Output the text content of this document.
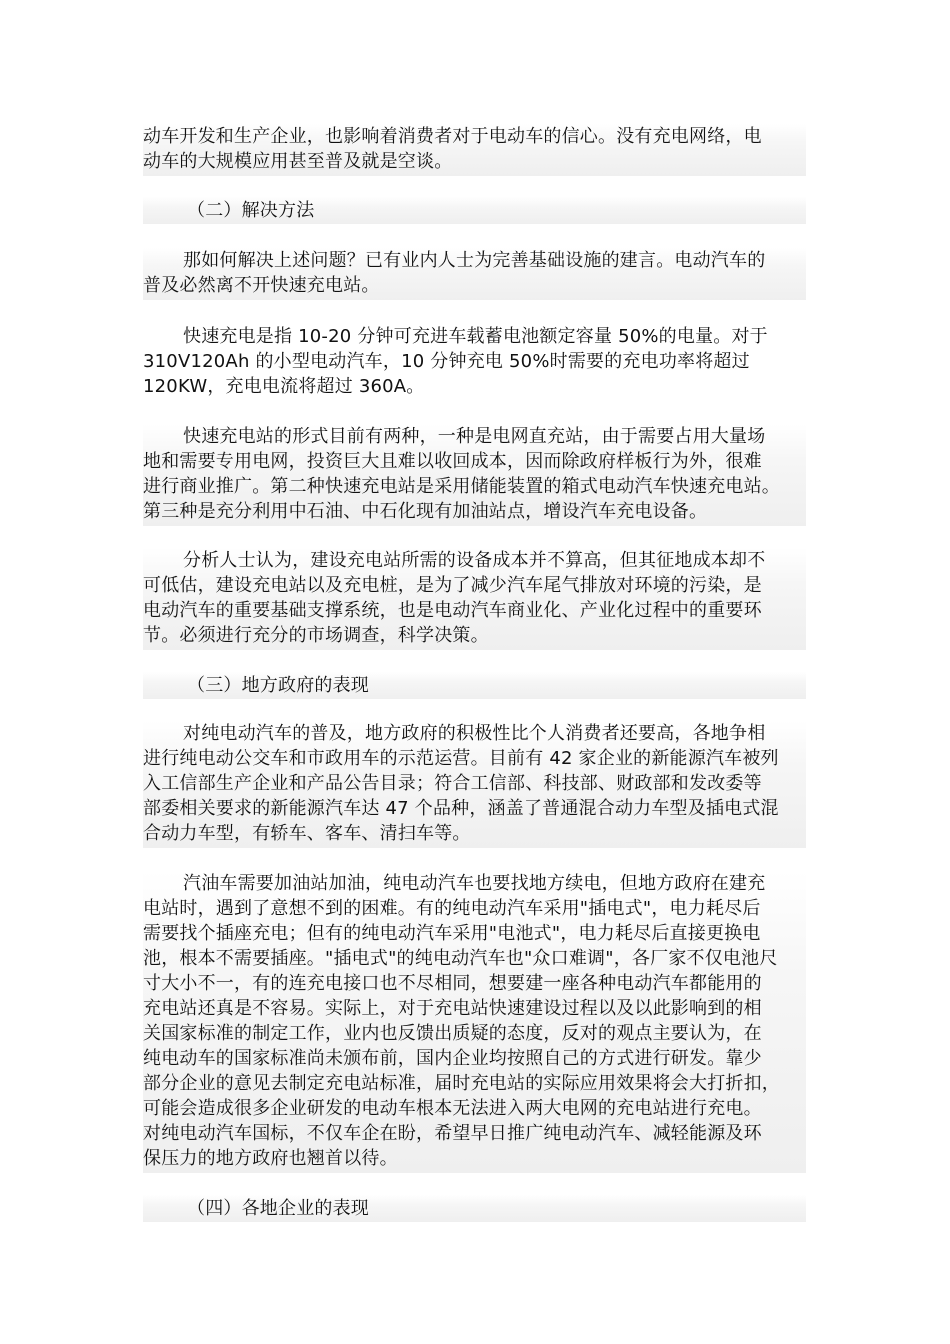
动车开发和生产企业，也影响着消费者对于电动车的信心。没有充电网络，电

动车的大规模应用甚至普及就是空谈。

（二）解决方法

那如何解决上述问题？已有业内人士为完善基础设施的建言。电动汽车的

普及必然离不开快速充电站。

快速充电是指 10-20 分钟可充进车载蓄电池额定容量 50%的电量。对于

310V120Ah 的小型电动汽车，10 分钟充电 50%时需要的充电功率将超过

120KW，充电电流将超过 360A。

快速充电站的形式目前有两种，一种是电网直充站，由于需要占用大量场

地和需要专用电网，投资巨大且难以收回成本，因而除政府样板行为外，很难

进行商业推广。第二种快速充电站是采用储能装置的箱式电动汽车快速充电站。

第三种是充分利用中石油、中石化现有加油站点，增设汽车充电设备。

分析人士认为，建设充电站所需的设备成本并不算高，但其征地成本却不

可低估，建设充电站以及充电桩，是为了减少汽车尾气排放对环境的污染，是

电动汽车的重要基础支撑系统，也是电动汽车商业化、产业化过程中的重要环

节。必须进行充分的市场调查，科学决策。

（三）地方政府的表现

对纯电动汽车的普及，地方政府的积极性比个人消费者还要高，各地争相

进行纯电动公交车和市政用车的示范运营。目前有 42 家企业的新能源汽车被列

入工信部生产企业和产品公告目录；符合工信部、科技部、财政部和发改委等

部委相关要求的新能源汽车达 47 个品种，涵盖了普通混合动力车型及插电式混

合动力车型，有轿车、客车、清扫车等。

汽油车需要加油站加油，纯电动汽车也要找地方续电，但地方政府在建充

电站时，遇到了意想不到的困难。有的纯电动汽车采用"插电式"，电力耗尽后

需要找个插座充电；但有的纯电动汽车采用"电池式"，电力耗尽后直接更换电

池，根本不需要插座。"插电式"的纯电动汽车也"众口难调"，各厂家不仅电池尺

寸大小不一，有的连充电接口也不尽相同，想要建一座各种电动汽车都能用的

充电站还真是不容易。实际上，对于充电站快速建设过程以及以此影响到的相

关国家标准的制定工作，业内也反馈出质疑的态度，反对的观点主要认为，在

纯电动车的国家标准尚未颁布前，国内企业均按照自己的方式进行研发。靠少

部分企业的意见去制定充电站标准，届时充电站的实际应用效果将会大打折扣，

可能会造成很多企业研发的电动车根本无法进入两大电网的充电站进行充电。

对纯电动汽车国标，不仅车企在盼，希望早日推广纯电动汽车、减轻能源及环

保压力的地方政府也翘首以待。

（四）各地企业的表现
